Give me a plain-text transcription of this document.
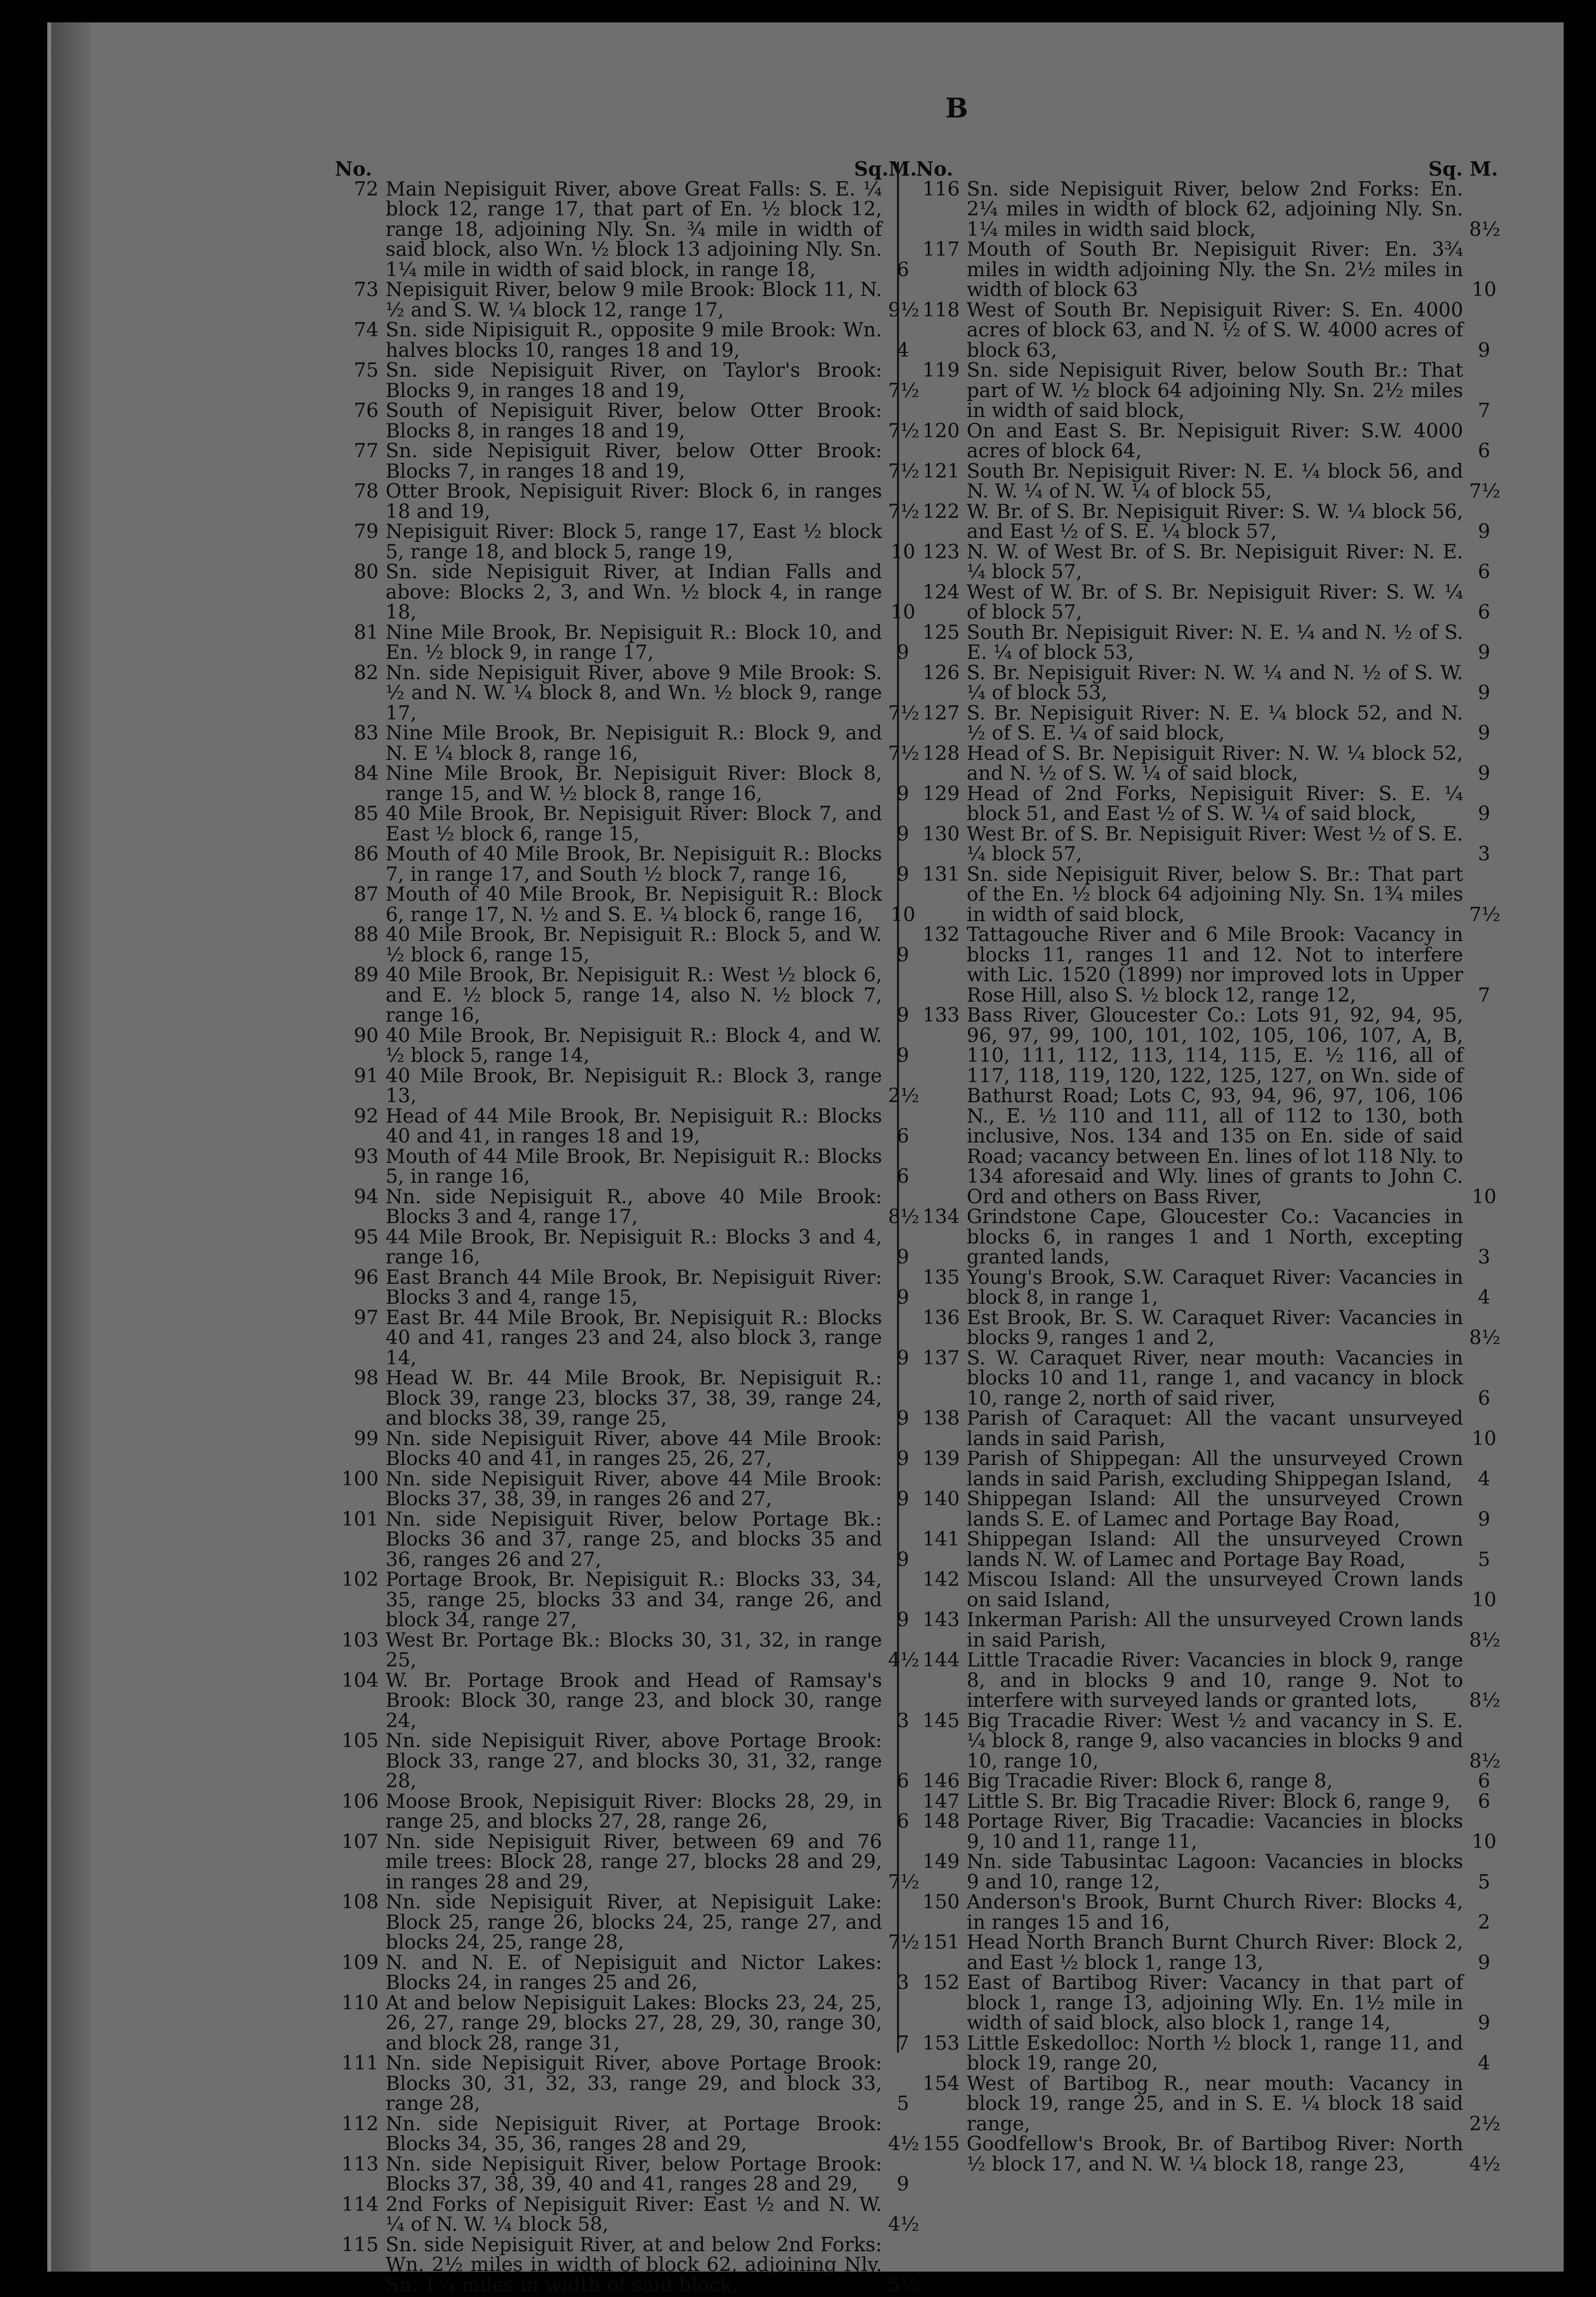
B
No.	Sq.M.
72 Main Nepisiguit River, above Great Falls: S. E. ¼ block 12, range 17, that part of En. ½ block 12, range 18, adjoining Nly. Sn. ¾ mile in width of said block, also Wn. ½ block 13 adjoining Nly. Sn. 1¼ mile in width of said block, in range 18,	6
73 Nepisiguit River, below 9 mile Brook: Block 11, N. ½ and S. W. ¼ block 12, range 17,	9½
74 Sn. side Nipisiguit R., opposite 9 mile Brook: Wn. halves blocks 10, ranges 18 and 19,	4
75 Sn. side Nepisiguit River, on Taylor's Brook: Blocks 9, in ranges 18 and 19,	7½
76 South of Nepisiguit River, below Otter Brook: Blocks 8, in ranges 18 and 19,	7½
77 Sn. side Nepisiguit River, below Otter Brook: Blocks 7, in ranges 18 and 19,	7½
78 Otter Brook, Nepisiguit River: Block 6, in ranges 18 and 19,	7½
79 Nepisiguit River: Block 5, range 17, East ½ block 5, range 18, and block 5, range 19,	10
80 Sn. side Nepisiguit River, at Indian Falls and above: Blocks 2, 3, and Wn. ½ block 4, in range 18,	10
81 Nine Mile Brook, Br. Nepisiguit R.: Block 10, and En. ½ block 9, in range 17,	9
82 Nn. side Nepisiguit River, above 9 Mile Brook: S. ½ and N. W. ¼ block 8, and Wn. ½ block 9, range 17,	7½
83 Nine Mile Brook, Br. Nepisiguit R.: Block 9, and N. E ¼ block 8, range 16,	7½
84 Nine Mile Brook, Br. Nepisiguit River: Block 8, range 15, and W. ½ block 8, range 16,	9
85 40 Mile Brook, Br. Nepisiguit River: Block 7, and East ½ block 6, range 15,	9
86 Mouth of 40 Mile Brook, Br. Nepisiguit R.: Blocks 7, in range 17, and South ½ block 7, range 16,	9
87 Mouth of 40 Mile Brook, Br. Nepisiguit R.: Block 6, range 17, N. ½ and S. E. ¼ block 6, range 16,	10
88 40 Mile Brook, Br. Nepisiguit R.: Block 5, and W. ½ block 6, range 15,	9
89 40 Mile Brook, Br. Nepisiguit R.: West ½ block 6, and E. ½ block 5, range 14, also N. ½ block 7, range 16,	9
90 40 Mile Brook, Br. Nepisiguit R.: Block 4, and W. ½ block 5, range 14,	9
91 40 Mile Brook, Br. Nepisiguit R.: Block 3, range 13,	2½
92 Head of 44 Mile Brook, Br. Nepisiguit R.: Blocks 40 and 41, in ranges 18 and 19,	6
93 Mouth of 44 Mile Brook, Br. Nepisiguit R.: Blocks 5, in range 16,	6
94 Nn. side Nepisiguit R., above 40 Mile Brook: Blocks 3 and 4, range 17,	8½
95 44 Mile Brook, Br. Nepisiguit R.: Blocks 3 and 4, range 16,	9
96 East Branch 44 Mile Brook, Br. Nepisiguit River: Blocks 3 and 4, range 15,	9
97 East Br. 44 Mile Brook, Br. Nepisiguit R.: Blocks 40 and 41, ranges 23 and 24, also block 3, range 14,	9
98 Head W. Br. 44 Mile Brook, Br. Nepisiguit R.: Block 39, range 23, blocks 37, 38, 39, range 24, and blocks 38, 39, range 25,	9
99 Nn. side Nepisiguit River, above 44 Mile Brook: Blocks 40 and 41, in ranges 25, 26, 27,	9
100 Nn. side Nepisiguit River, above 44 Mile Brook: Blocks 37, 38, 39, in ranges 26 and 27,	9
101 Nn. side Nepisiguit River, below Portage Bk.: Blocks 36 and 37, range 25, and blocks 35 and 36, ranges 26 and 27,	9
102 Portage Brook, Br. Nepisiguit R.: Blocks 33, 34, 35, range 25, blocks 33 and 34, range 26, and block 34, range 27,	9
103 West Br. Portage Bk.: Blocks 30, 31, 32, in range 25,	4½
104 W. Br. Portage Brook and Head of Ramsay's Brook: Block 30, range 23, and block 30, range 24,	3
105 Nn. side Nepisiguit River, above Portage Brook: Block 33, range 27, and blocks 30, 31, 32, range 28,	6
106 Moose Brook, Nepisiguit River: Blocks 28, 29, in range 25, and blocks 27, 28, range 26,	6
107 Nn. side Nepisiguit River, between 69 and 76 mile trees: Block 28, range 27, blocks 28 and 29, in ranges 28 and 29,	7½
108 Nn. side Nepisiguit River, at Nepisiguit Lake: Block 25, range 26, blocks 24, 25, range 27, and blocks 24, 25, range 28,	7½
109 N. and N. E. of Nepisiguit and Nictor Lakes: Blocks 24, in ranges 25 and 26,	3
110 At and below Nepisiguit Lakes: Blocks 23, 24, 25, 26, 27, range 29, blocks 27, 28, 29, 30, range 30, and block 28, range 31,	7
111 Nn. side Nepisiguit River, above Portage Brook: Blocks 30, 31, 32, 33, range 29, and block 33, range 28,	5
112 Nn. side Nepisiguit River, at Portage Brook: Blocks 34, 35, 36, ranges 28 and 29,	4½
113 Nn. side Nepisiguit River, below Portage Brook: Blocks 37, 38, 39, 40 and 41, ranges 28 and 29,	9
114 2nd Forks of Nepisiguit River: East ½ and N. W. ¼ of N. W. ¼ block 58,	4½
115 Sn. side Nepisiguit River, at and below 2nd Forks: Wn. 2½ miles in width of block 62, adjoining Nly. Sn. 1¼ miles in width of said block,	5½
No.	Sq. M.
116 Sn. side Nepisiguit River, below 2nd Forks: En. 2¼ miles in width of block 62, adjoining Nly. Sn. 1¼ miles in width said block,	8½
117 Mouth of South Br. Nepisiguit River: En. 3¾ miles in width adjoining Nly. the Sn. 2½ miles in width of block 63	10
118 West of South Br. Nepisiguit River: S. En. 4000 acres of block 63, and N. ½ of S. W. 4000 acres of block 63,	9
119 Sn. side Nepisiguit River, below South Br.: That part of W. ½ block 64 adjoining Nly. Sn. 2½ miles in width of said block,	7
120 On and East S. Br. Nepisiguit River: S.W. 4000 acres of block 64,	6
121 South Br. Nepisiguit River: N. E. ¼ block 56, and N. W. ¼ of N. W. ¼ of block 55,	7½
122 W. Br. of S. Br. Nepisiguit River: S. W. ¼ block 56, and East ½ of S. E. ¼ block 57,	9
123 N. W. of West Br. of S. Br. Nepisiguit River: N. E. ¼ block 57,	6
124 West of W. Br. of S. Br. Nepisiguit River: S. W. ¼ of block 57,	6
125 South Br. Nepisiguit River: N. E. ¼ and N. ½ of S. E. ¼ of block 53,	9
126 S. Br. Nepisiguit River: N. W. ¼ and N. ½ of S. W. ¼ of block 53,	9
127 S. Br. Nepisiguit River: N. E. ¼ block 52, and N. ½ of S. E. ¼ of said block,	9
128 Head of S. Br. Nepisiguit River: N. W. ¼ block 52, and N. ½ of S. W. ¼ of said block,	9
129 Head of 2nd Forks, Nepisiguit River: S. E. ¼ block 51, and East ½ of S. W. ¼ of said block,	9
130 West Br. of S. Br. Nepisiguit River: West ½ of S. E. ¼ block 57,	3
131 Sn. side Nepisiguit River, below S. Br.: That part of the En. ½ block 64 adjoining Nly. Sn. 1¾ miles in width of said block,	7½
132 Tattagouche River and 6 Mile Brook: Vacancy in blocks 11, ranges 11 and 12. Not to interfere with Lic. 1520 (1899) nor improved lots in Upper Rose Hill, also S. ½ block 12, range 12,	7
133 Bass River, Gloucester Co.: Lots 91, 92, 94, 95, 96, 97, 99, 100, 101, 102, 105, 106, 107, A, B, 110, 111, 112, 113, 114, 115, E. ½ 116, all of 117, 118, 119, 120, 122, 125, 127, on Wn. side of Bathurst Road; Lots C, 93, 94, 96, 97, 106, 106 N., E. ½ 110 and 111, all of 112 to 130, both inclusive, Nos. 134 and 135 on En. side of said Road; vacancy between En. lines of lot 118 Nly. to 134 aforesaid and Wly. lines of grants to John C. Ord and others on Bass River,	10
134 Grindstone Cape, Gloucester Co.: Vacancies in blocks 6, in ranges 1 and 1 North, excepting granted lands,	3
135 Young's Brook, S.W. Caraquet River: Vacancies in block 8, in range 1,	4
136 Est Brook, Br. S. W. Caraquet River: Vacancies in blocks 9, ranges 1 and 2,	8½
137 S. W. Caraquet River, near mouth: Vacancies in blocks 10 and 11, range 1, and vacancy in block 10, range 2, north of said river,	6
138 Parish of Caraquet: All the vacant unsurveyed lands in said Parish,	10
139 Parish of Shippegan: All the unsurveyed Crown lands in said Parish, excluding Shippegan Island,	4
140 Shippegan Island: All the unsurveyed Crown lands S. E. of Lamec and Portage Bay Road,	9
141 Shippegan Island: All the unsurveyed Crown lands N. W. of Lamec and Portage Bay Road,	5
142 Miscou Island: All the unsurveyed Crown lands on said Island,	10
143 Inkerman Parish: All the unsurveyed Crown lands in said Parish,	8½
144 Little Tracadie River: Vacancies in block 9, range 8, and in blocks 9 and 10, range 9. Not to interfere with surveyed lands or granted lots,	8½
145 Big Tracadie River: West ½ and vacancy in S. E. ¼ block 8, range 9, also vacancies in blocks 9 and 10, range 10,	8½
146 Big Tracadie River: Block 6, range 8,	6
147 Little S. Br. Big Tracadie River: Block 6, range 9,	6
148 Portage River, Big Tracadie: Vacancies in blocks 9, 10 and 11, range 11,	10
149 Nn. side Tabusintac Lagoon: Vacancies in blocks 9 and 10, range 12,	5
150 Anderson's Brook, Burnt Church River: Blocks 4, in ranges 15 and 16,	2
151 Head North Branch Burnt Church River: Block 2, and East ½ block 1, range 13,	9
152 East of Bartibog River: Vacancy in that part of block 1, range 13, adjoining Wly. En. 1½ mile in width of said block, also block 1, range 14,	9
153 Little Eskedolloc: North ½ block 1, range 11, and block 19, range 20,	4
154 West of Bartibog R., near mouth: Vacancy in block 19, range 25, and in S. E. ¼ block 18 said range,	2½
155 Goodfellow's Brook, Br. of Bartibog River: North ½ block 17, and N. W. ¼ block 18, range 23,	4½
